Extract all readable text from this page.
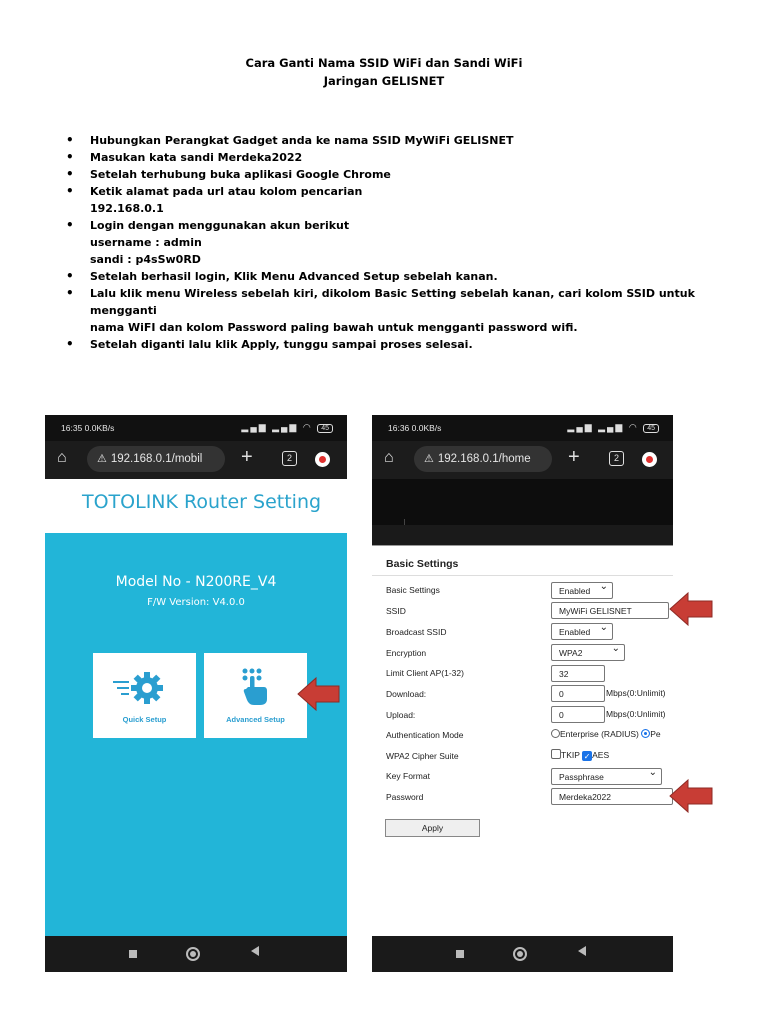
Cara Ganti Nama SSID WiFi dan Sandi WiFi
Jaringan GELISNET
• Hubungkan Perangkat Gadget anda ke nama SSID MyWiFi GELISNET
• Masukan kata sandi Merdeka2022
• Setelah terhubung buka aplikasi Google Chrome
• Ketik alamat pada url atau kolom pencarian
192.168.0.1
• Login dengan menggunakan akun berikut
username : admin
sandi : p4sSw0RD
• Setelah berhasil login, Klik Menu Advanced Setup sebelah kanan.
• Lalu klik menu Wireless sebelah kiri, dikolom Basic Setting sebelah kanan, cari kolom SSID untuk mengganti
nama WiFI dan kolom Password paling bawah untuk mengganti password wifi.
• Setelah diganti lalu klik Apply, tunggu sampai proses selesai.
16:35 0.0KB/s	▂▄▆ ▂▄▆ ◠ 45
⌂	⚠ 192.168.0.1/mobil	+	2
TOTOLINK Router Setting
Model No - N200RE_V4
F/W Version: V4.0.0
Quick Setup	Advanced Setup
16:36 0.0KB/s	▂▄▆ ▂▄▆ ◠ 45
⌂	⚠ 192.168.0.1/home	+	2
Basic Settings
Basic Settings	Enabled ⌄
SSID	MyWiFi GELISNET
Broadcast SSID	Enabled ⌄
Encryption	WPA2 ⌄
Limit Client AP(1-32)	32
Download:	0	Mbps(0:Unlimit)
Upload:	0	Mbps(0:Unlimit)
Authentication Mode	Enterprise (RADIUS) Pe
WPA2 Cipher Suite	TKIP ✓ AES
Key Format	Passphrase ⌄
Password	Merdeka2022
Apply
